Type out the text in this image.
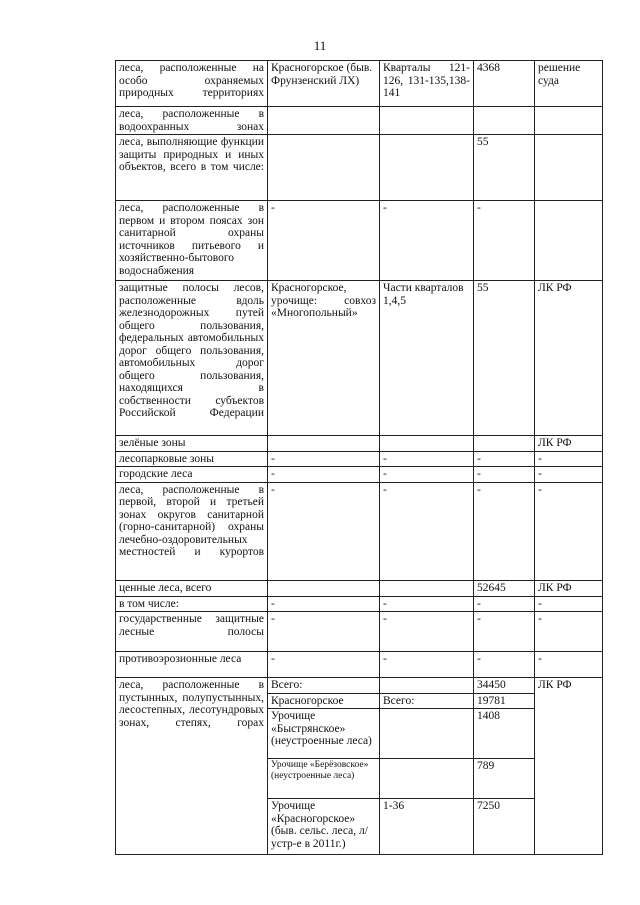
11
леса, расположенные на особо охраняемых природных территориях	Красногорское (быв. Фрунзенский ЛХ)	Кварталы 121-126, 131-135,138-141	4368	решение суда
леса, расположенные в водоохранных зонах				
леса, выполняющие функции защиты природных и иных объектов, всего в том числе:			55	
леса, расположенные в первом и втором поясах зон санитарной охраны источников питьевого и хозяйственно-бытового водоснабжения	-	-	-	
защитные полосы лесов, расположенные вдоль железнодорожных путей общего пользования, федеральных автомобильных дорог общего пользования, автомобильных дорог общего пользования, находящихся в собственности субъектов Российской Федерации	Красногорское, урочище: совхоз «Многопольный»	Части кварталов 1,4,5	55	ЛК РФ
зелёные зоны				ЛК РФ
лесопарковые зоны	-	-	-	-
городские леса	-	-	-	-
леса, расположенные в первой, второй и третьей зонах округов санитарной (горно-санитарной) охраны лечебно-оздоровительных местностей и курортов	-	-	-	-
ценные леса, всего			52645	ЛК РФ
в том числе:	-	-	-	-
государственные защитные лесные полосы	-	-	-	-
противоэрозионные леса	-	-	-	-
леса, расположенные в пустынных, полупустынных, лесостепных, лесотундровых зонах, степях, горах	Всего:		34450	ЛК РФ
	Красногорское	Всего:	19781	
	Урочище «Быстрянское» (неустроенные леса)		1408	
	Урочище «Берёзовское» (неустроенные леса)		789	
	Урочище «Красногорское» (быв. сельс. леса, л/устр-е в 2011г.)	1-36	7250	
